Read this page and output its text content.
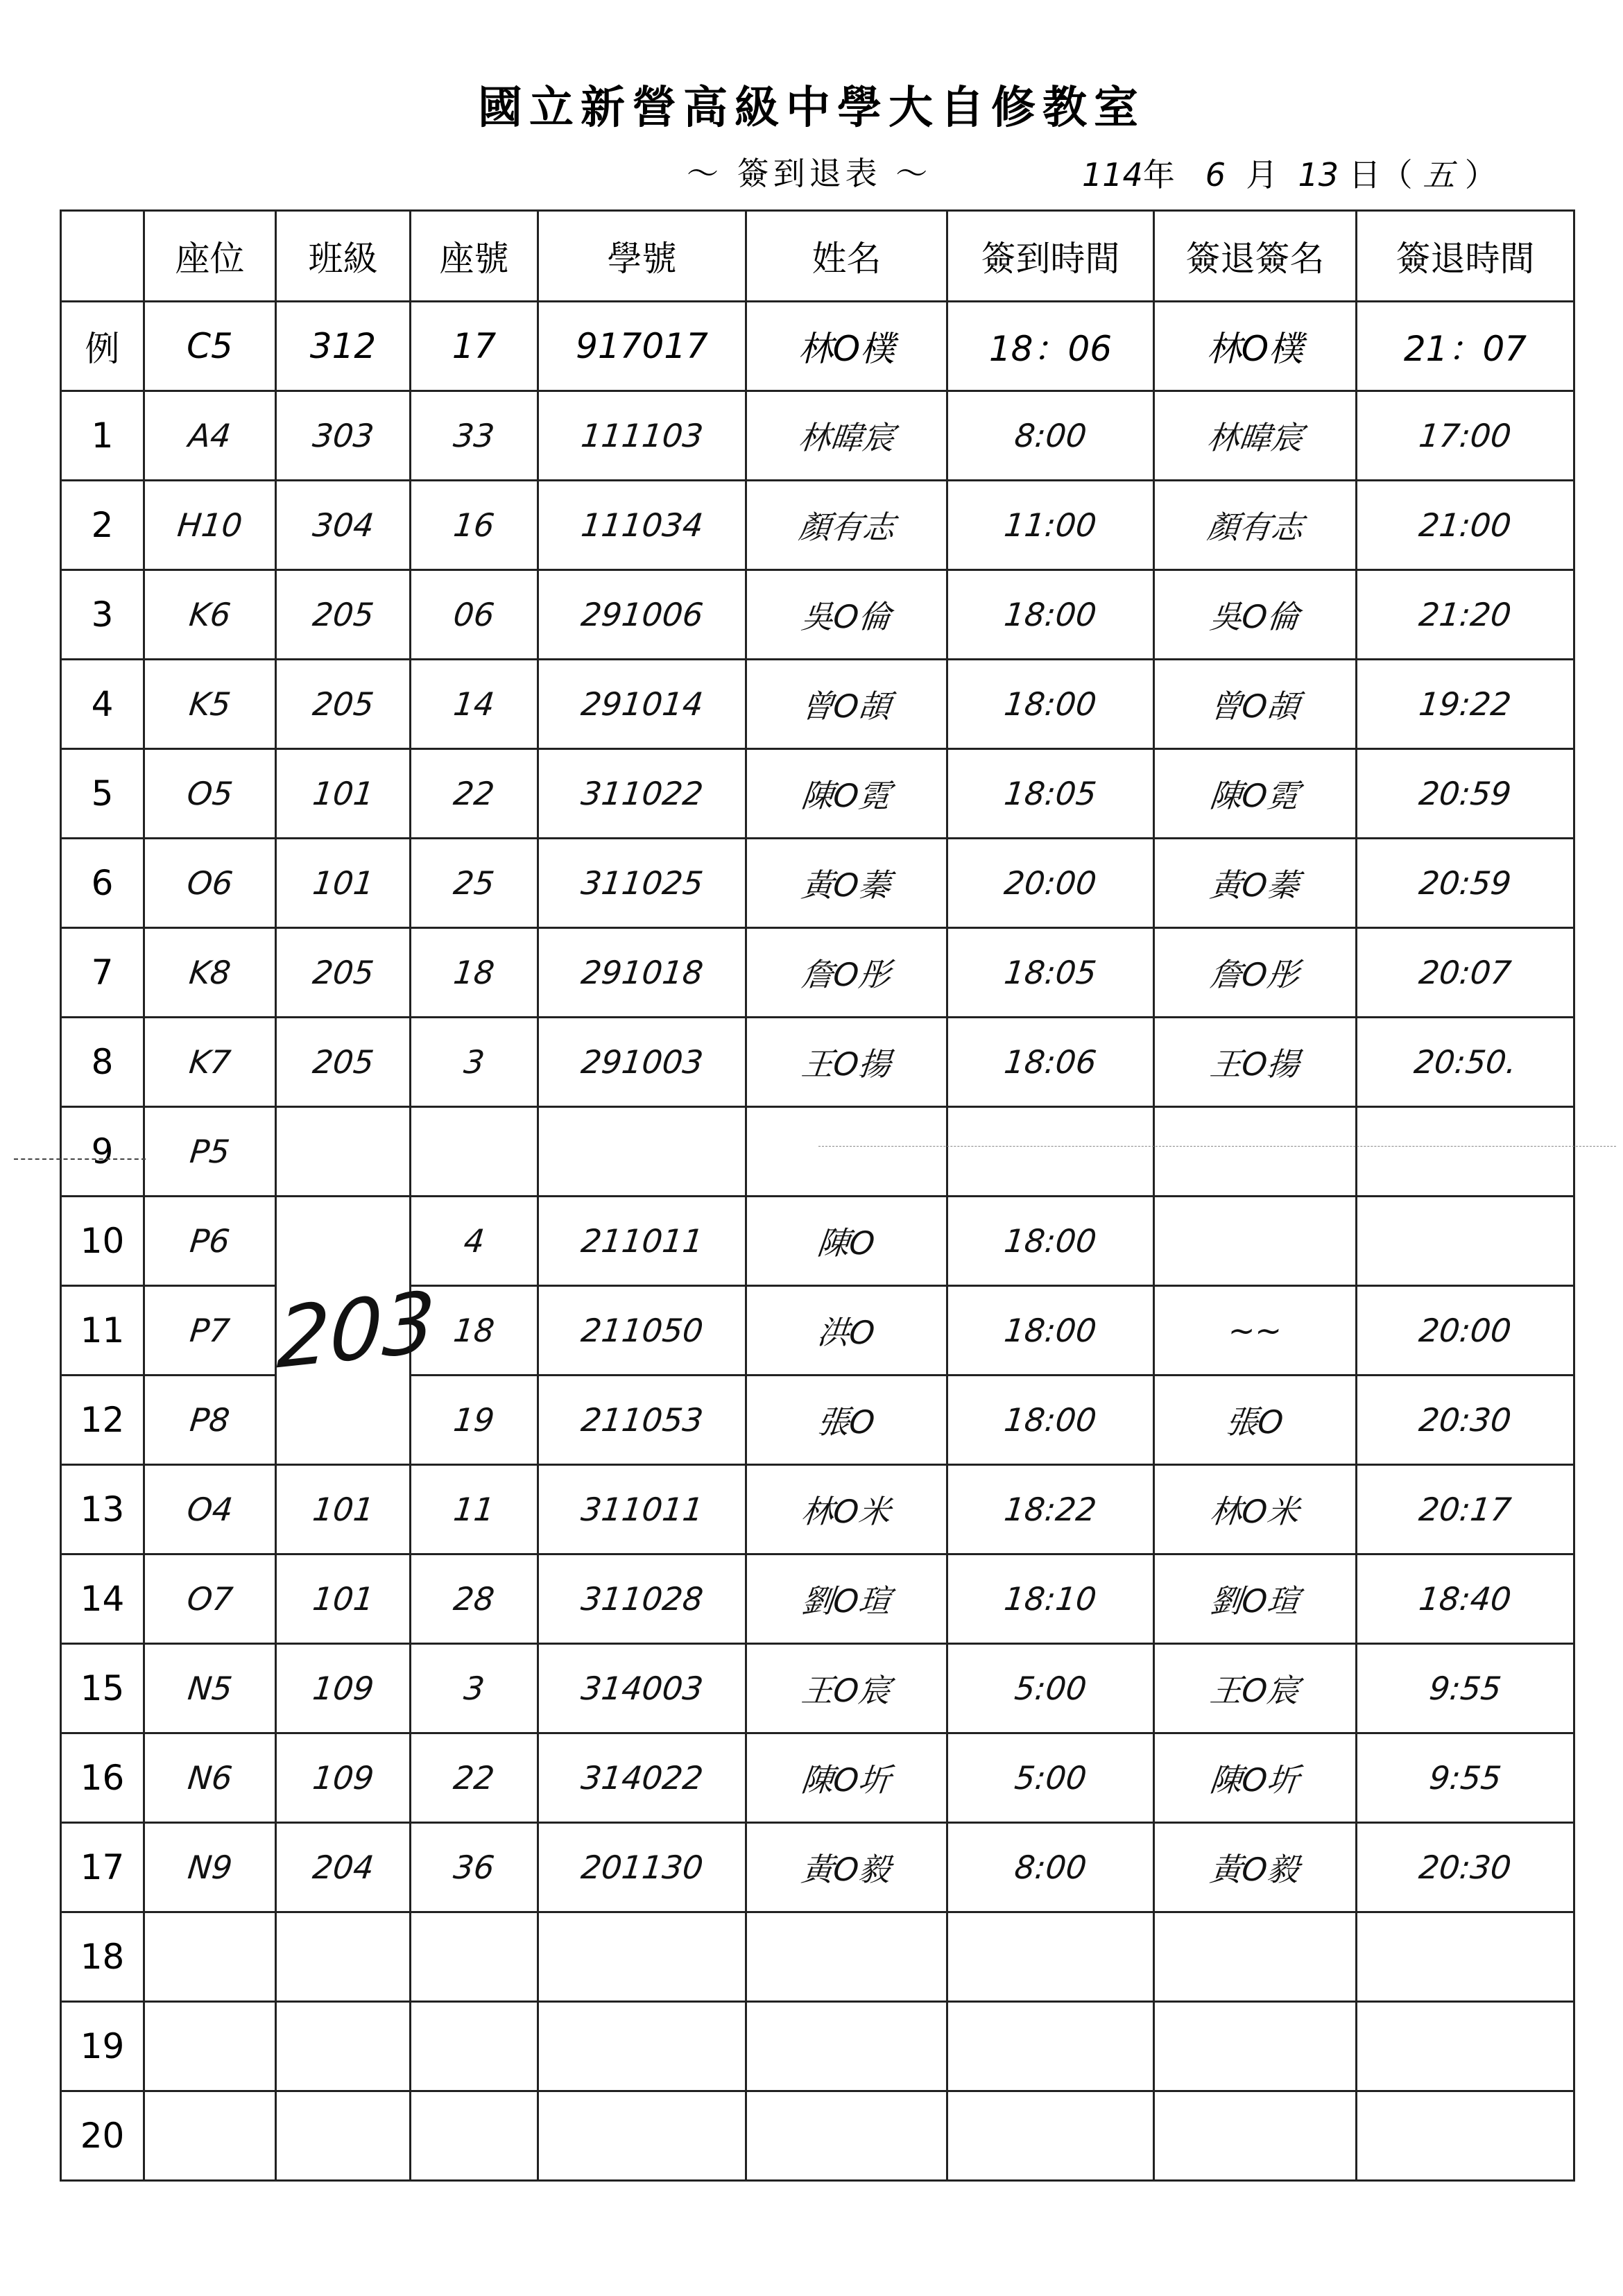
國立新營高級中學大自修教室
～ 簽到退表 ～	114年 6 月 13 日（ 五 ）
	座位	班級	座號	學號	姓名	簽到時間	簽退簽名	簽退時間
例	C5	312	17	917017	林O樸	18：06	林O樸	21：07
1	A4	303	33	111103	林暐宸	8:00	林暐宸	17:00
2	H10	304	16	111034	顏有志	11:00	顏有志	21:00
3	K6	205	06	291006	吳O倫	18:00	吳O倫	21:20
4	K5	205	14	291014	曾O頡	18:00	曾O頡	19:22
5	O5	101	22	311022	陳O霓	18:05	陳O霓	20:59
6	O6	101	25	311025	黃O蓁	20:00	黃O蓁	20:59
7	K8	205	18	291018	詹O彤	18:05	詹O彤	20:07
8	K7	205	3	291003	王O揚	18:06	王O揚	20:50.
9	P5							
10	P6	203	4	211011	陳O	18:00		
11	P7		18	211050	洪O	18:00	~~	20:00
12	P8		19	211053	張O	18:00	張O	20:30
13	O4	101	11	311011	林O米	18:22	林O米	20:17
14	O7	101	28	311028	劉O瑄	18:10	劉O瑄	18:40
15	N5	109	3	314003	王O宸	5:00	王O宸	9:55
16	N6	109	22	314022	陳O圻	5:00	陳O圻	9:55
17	N9	204	36	201130	黃O毅	8:00	黃O毅	20:30
18								
19								
20								
